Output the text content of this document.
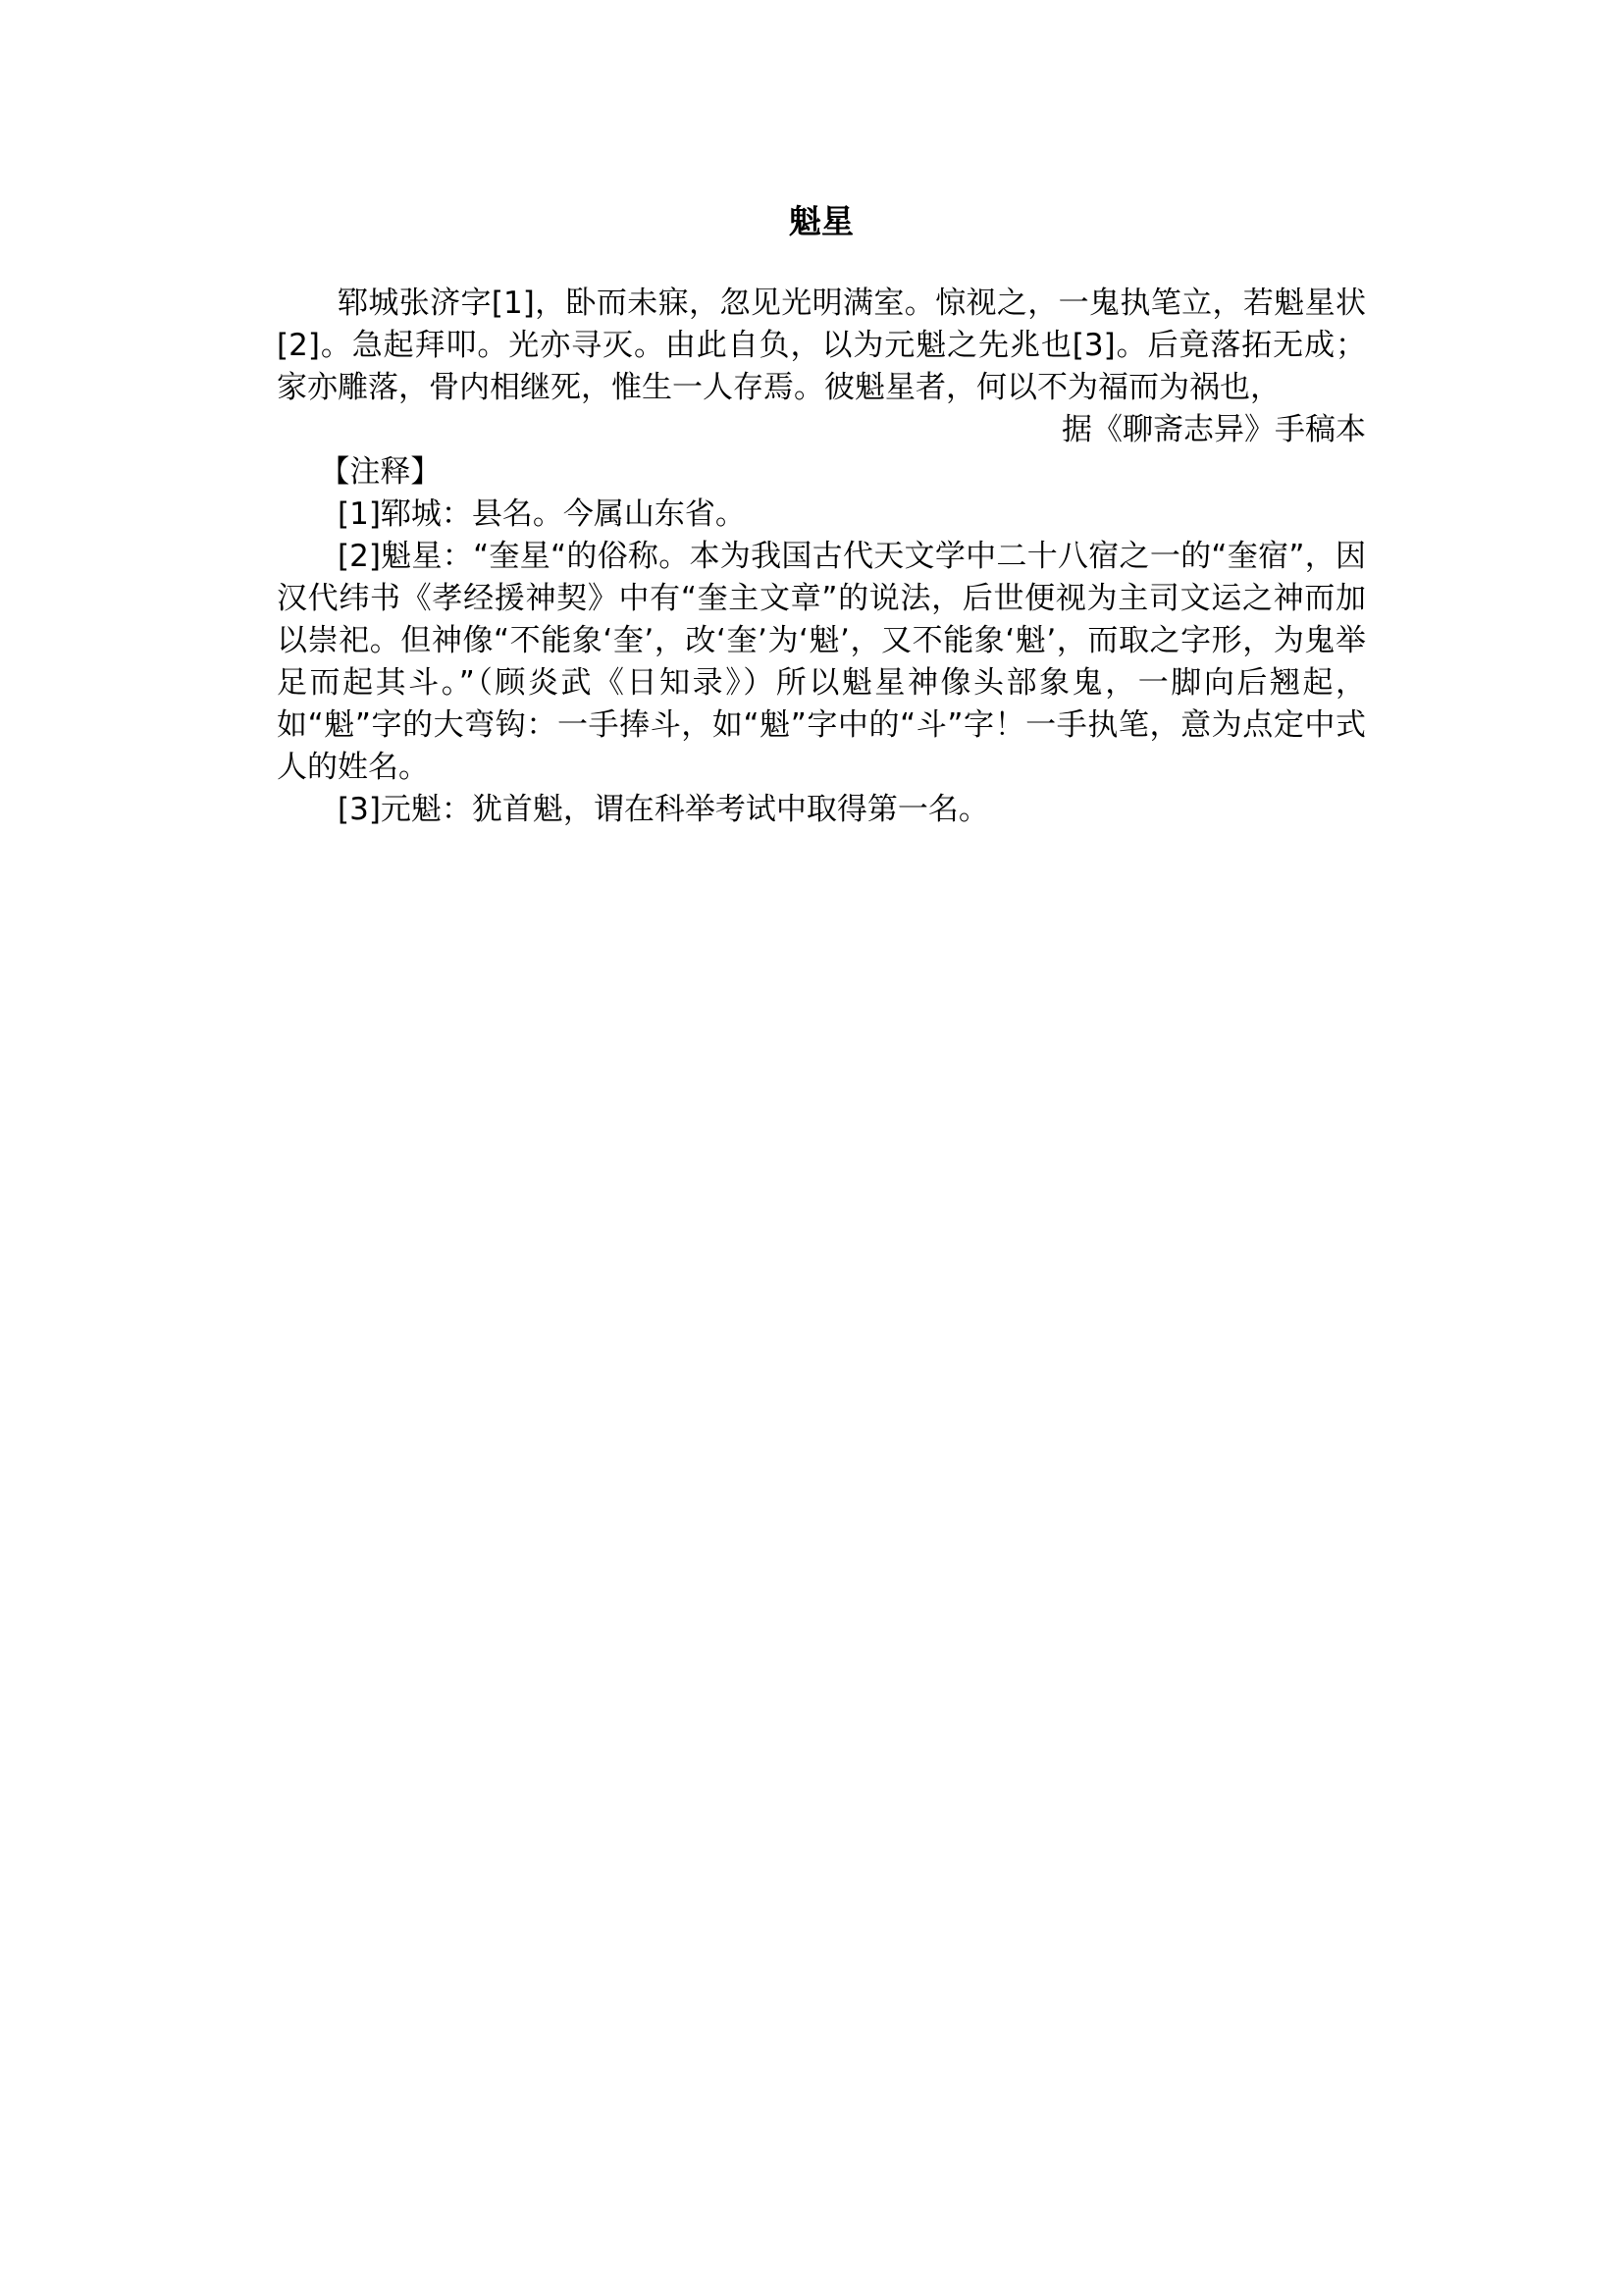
魁星

郓城张济字[1]，卧而未寐，忽见光明满室。惊视之，一鬼执笔立，若魁星状[2]。急起拜叩。光亦寻灭。由此自负，以为元魁之先兆也[3]。后竟落拓无成；家亦雕落，骨内相继死，惟生一人存焉。彼魁星者，何以不为福而为祸也，

据《聊斋志异》手稿本

【注释】

[1]郓城：县名。今属山东省。

[2]魁星：“奎星“的俗称。本为我国古代天文学中二十八宿之一的“奎宿”，因汉代纬书《孝经援神契》中有“奎主文章”的说法，后世便视为主司文运之神而加以崇祀。但神像“不能象‘奎’，改‘奎’为‘魁’，又不能象‘魁’，而取之字形，为鬼举足而起其斗。”（顾炎武《日知录》）所以魁星神像头部象鬼，一脚向后翘起，如“魁”字的大弯钩：一手捧斗，如“魁”字中的“斗”字！一手执笔，意为点定中式人的姓名。

[3]元魁：犹首魁，谓在科举考试中取得第一名。
